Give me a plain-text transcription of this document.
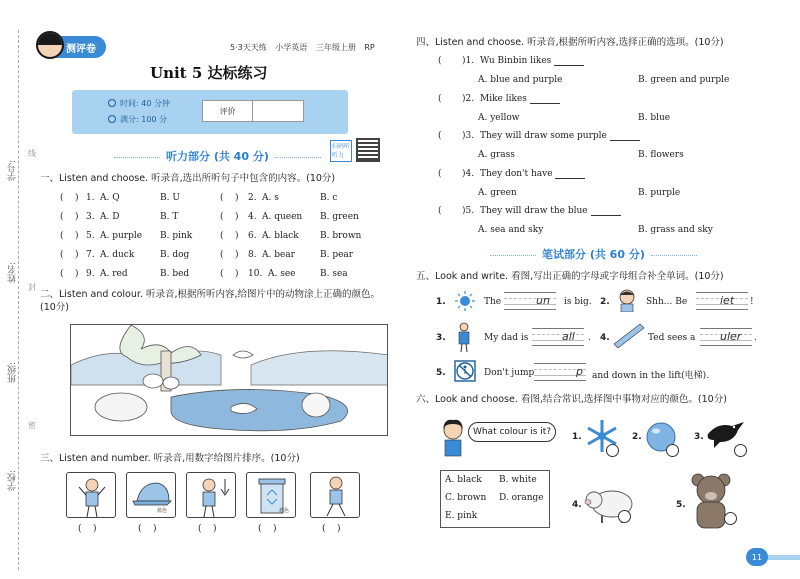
学号:
姓名:
班级:
学校:
线
封
密
测评卷	5·3天天练 小学英语 三年级上册 RP
Unit 5 达标练习
时间: 40 分钟
满分: 100 分
评价
扫码听听力
听力部分 (共 40 分)
一、Listen and choose. 听录音,选出所听句子中包含的内容。(10分)
(    ) 1. A. Q	B. U	(    ) 2. A. s	B. c
(    ) 3. A. D	B. T	(    ) 4. A. queen B. green
(    ) 5. A. purple B. pink	(    ) 6. A. black B. brown
(    ) 7. A. duck	B. dog	(    ) 8. A. bear	B. pear
(    ) 9. A. red	B. bed	(    ) 10. A. see	B. sea
二、Listen and colour. 听录音,根据所听内容,给图片中的动物涂上正确的颜色。(10分)
三、Listen and number. 听录音,用数字给图片排序。(10分)
蓝色	蓝色
(    )	(    )	(    )	(    )	(    )
四、Listen and choose. 听录音,根据所听内容,选择正确的选项。(10分)
( )1. Wu Binbin likes
A. blue and purple	B. green and purple
( )2. Mike likes
A. yellow	B. blue
( )3. They will draw some purple
A. grass	B. flowers
( )4. They don't have
A. green	B. purple
( )5. They will draw the blue
A. sea and sky	B. grass and sky
笔试部分 (共 60 分)
五、Look and write. 看图,写出正确的字母或字母组合补全单词。(10分)
1.	The	un is big. 2.	Shh... Be	iet !
3.	My dad is	all . 4.	Ted sees a uler .
5.	Don't jump	p and down in the lift(电梯).
六、Look and choose. 看图,结合常识,选择图中事物对应的颜色。(10分)
What colour is it?	1.	2.	3.
A. black B. white
C. brown D. orange
E. pink
4.	5.
11
